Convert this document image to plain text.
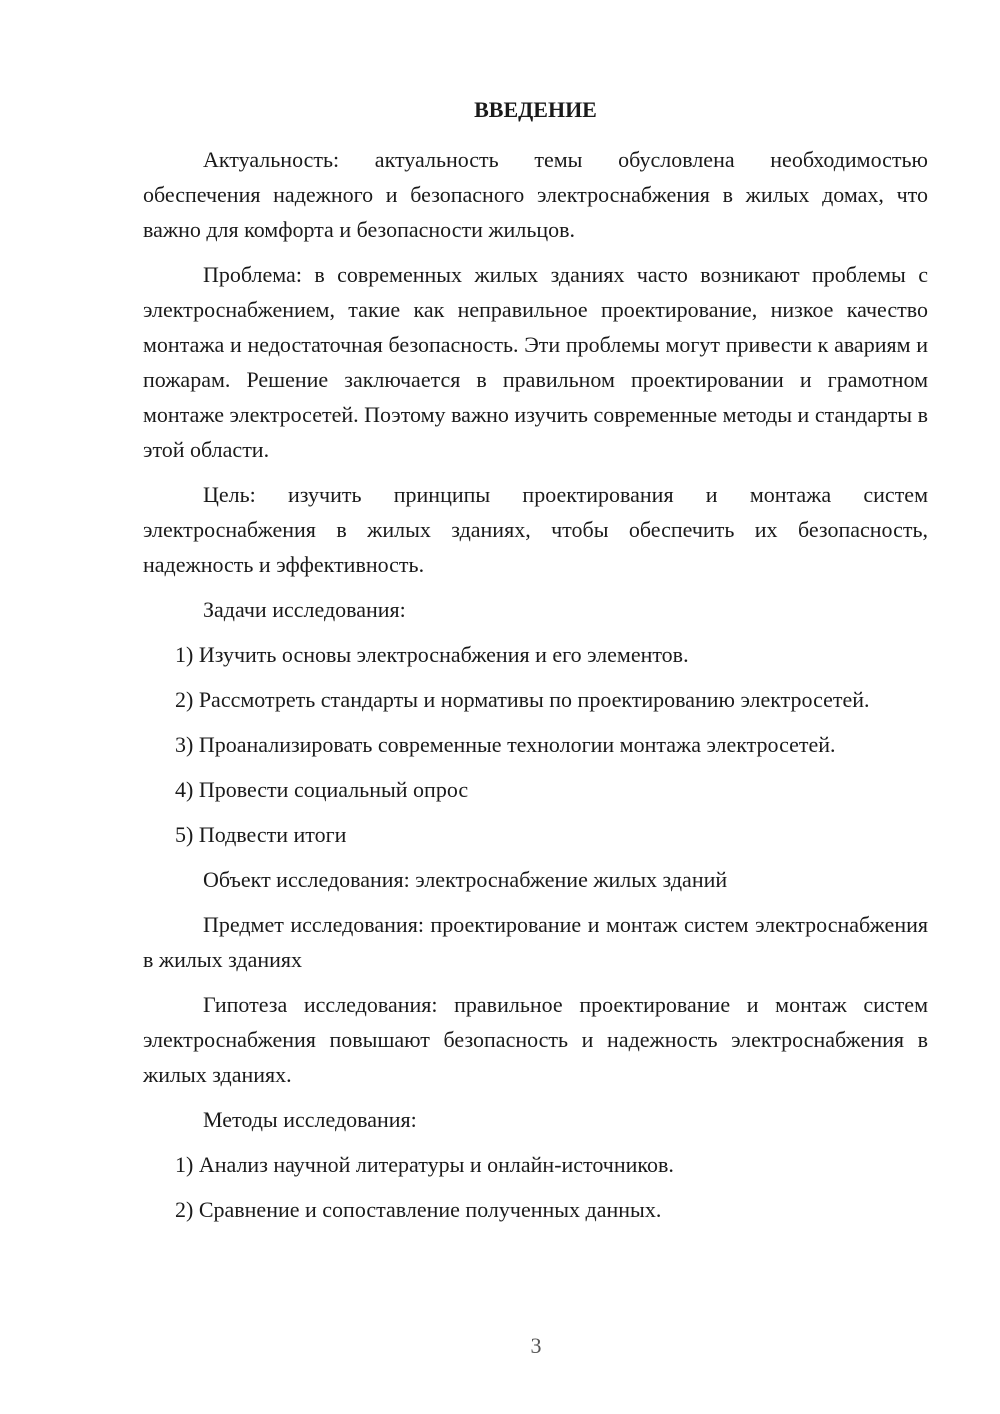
ВВЕДЕНИЕ

Актуальность: актуальность темы обусловлена необходимостью обеспечения надежного и безопасного электроснабжения в жилых домах, что важно для комфорта и безопасности жильцов.

Проблема: в современных жилых зданиях часто возникают проблемы с электроснабжением, такие как неправильное проектирование, низкое качество монтажа и недостаточная безопасность. Эти проблемы могут привести к авариям и пожарам. Решение заключается в правильном проектировании и грамотном монтаже электросетей. Поэтому важно изучить современные методы и стандарты в этой области.

Цель: изучить принципы проектирования и монтажа систем электроснабжения в жилых зданиях, чтобы обеспечить их безопасность, надежность и эффективность.

Задачи исследования:

1) Изучить основы электроснабжения и его элементов.

2) Рассмотреть стандарты и нормативы по проектированию электросетей.

3) Проанализировать современные технологии монтажа электросетей.

4) Провести социальный опрос

5) Подвести итоги

Объект исследования: электроснабжение жилых зданий

Предмет исследования: проектирование и монтаж систем электроснабжения в жилых зданиях

Гипотеза исследования: правильное проектирование и монтаж систем электроснабжения повышают безопасность и надежность электроснабжения в жилых зданиях.

Методы исследования:

1) Анализ научной литературы и онлайн-источников.

2) Сравнение и сопоставление полученных данных.

3
